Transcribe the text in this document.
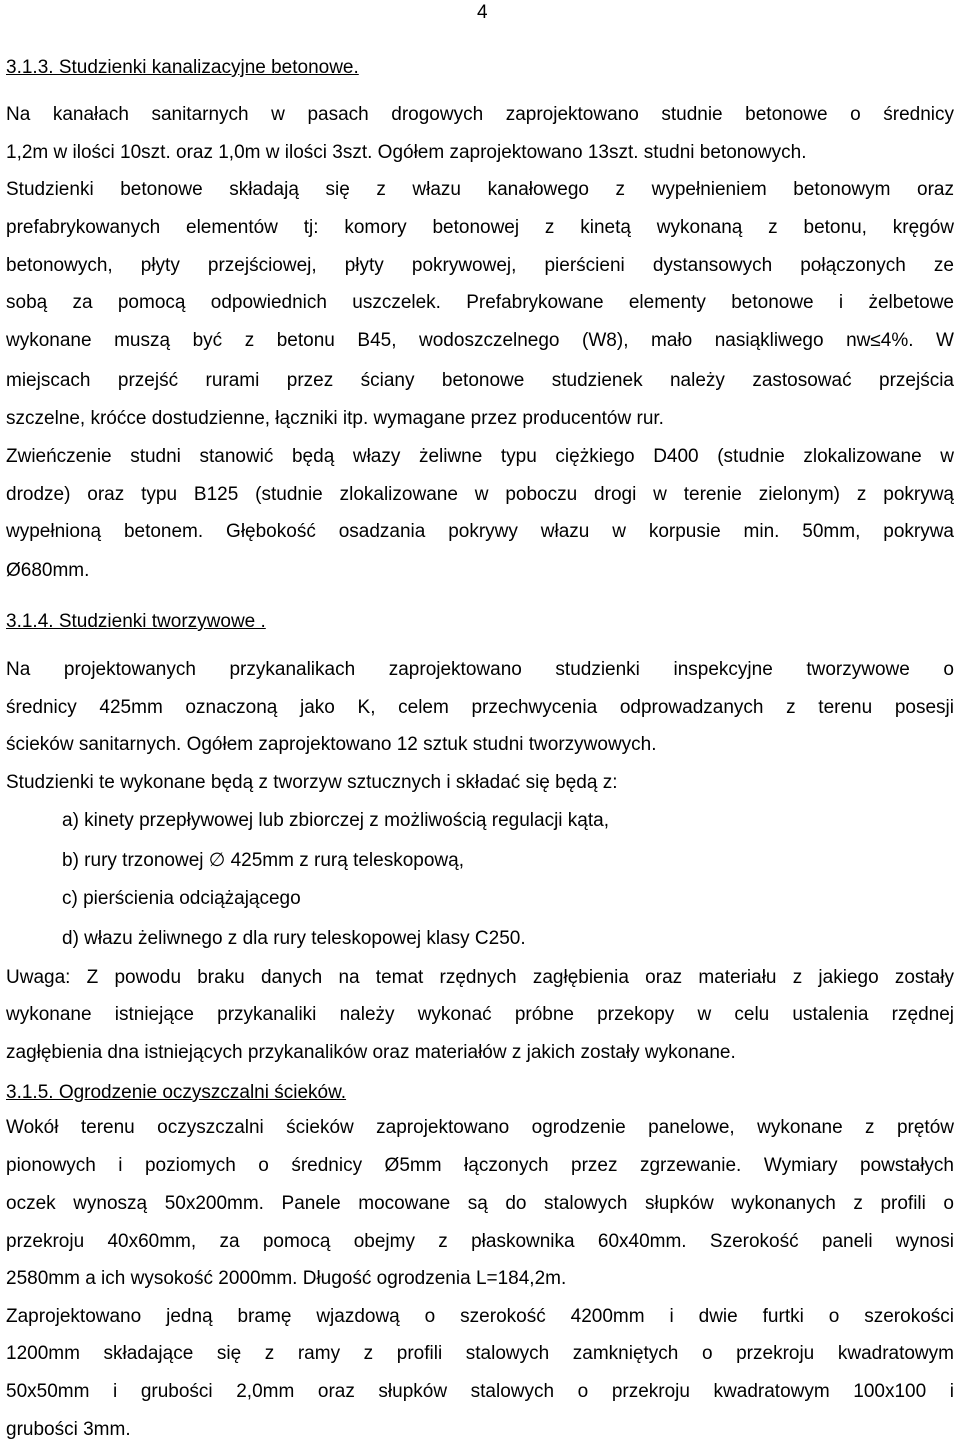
4
3.1.3. Studzienki kanalizacyjne betonowe.
Na kanałach sanitarnych w pasach drogowych zaprojektowano studnie betonowe o średnicy
1,2m w ilości 10szt. oraz 1,0m w ilości 3szt. Ogółem zaprojektowano 13szt. studni betonowych.
Studzienki betonowe składają się z włazu kanałowego z wypełnieniem betonowym oraz
prefabrykowanych elementów tj: komory betonowej z kinetą wykonaną z betonu, kręgów
betonowych, płyty przejściowej, płyty pokrywowej, pierścieni dystansowych połączonych ze
sobą za pomocą odpowiednich uszczelek. Prefabrykowane elementy betonowe i żelbetowe
wykonane muszą być z betonu B45, wodoszczelnego (W8), mało nasiąkliwego nw≤4%. W
miejscach przejść rurami przez ściany betonowe studzienek należy zastosować przejścia
szczelne, króćce dostudzienne, łączniki itp. wymagane przez producentów rur.
Zwieńczenie studni stanowić będą włazy żeliwne typu ciężkiego D400 (studnie zlokalizowane w
drodze) oraz typu B125 (studnie zlokalizowane w poboczu drogi w terenie zielonym) z pokrywą
wypełnioną betonem. Głębokość osadzania pokrywy włazu w korpusie min. 50mm, pokrywa
Ø680mm.
3.1.4. Studzienki tworzywowe .
Na projektowanych przykanalikach zaprojektowano studzienki inspekcyjne tworzywowe o
średnicy 425mm oznaczoną jako K, celem przechwycenia odprowadzanych z terenu posesji
ścieków sanitarnych. Ogółem zaprojektowano 12 sztuk studni tworzywowych.
Studzienki te wykonane będą z tworzyw sztucznych i składać się będą z:
a) kinety przepływowej lub zbiorczej z możliwością regulacji kąta,
b) rury trzonowej ∅ 425mm z rurą teleskopową,
c) pierścienia odciążającego
d) włazu żeliwnego z dla rury teleskopowej klasy C250.
Uwaga: Z powodu braku danych na temat rzędnych zagłębienia oraz materiału z jakiego zostały
wykonane istniejące przykanaliki należy wykonać próbne przekopy w celu ustalenia rzędnej
zagłębienia dna istniejących przykanalików oraz materiałów z jakich zostały wykonane.
3.1.5. Ogrodzenie oczyszczalni ścieków.
Wokół terenu oczyszczalni ścieków zaprojektowano ogrodzenie panelowe, wykonane z prętów
pionowych i poziomych o średnicy Ø5mm łączonych przez zgrzewanie. Wymiary powstałych
oczek wynoszą 50x200mm. Panele mocowane są do stalowych słupków wykonanych z profili o
przekroju 40x60mm, za pomocą obejmy z płaskownika 60x40mm. Szerokość paneli wynosi
2580mm a ich wysokość 2000mm. Długość ogrodzenia L=184,2m.
Zaprojektowano jedną bramę wjazdową o szerokość 4200mm i dwie furtki o szerokości
1200mm składające się z ramy z profili stalowych zamkniętych o przekroju kwadratowym
50x50mm i grubości 2,0mm oraz słupków stalowych o przekroju kwadratowym 100x100 i
grubości 3mm.
